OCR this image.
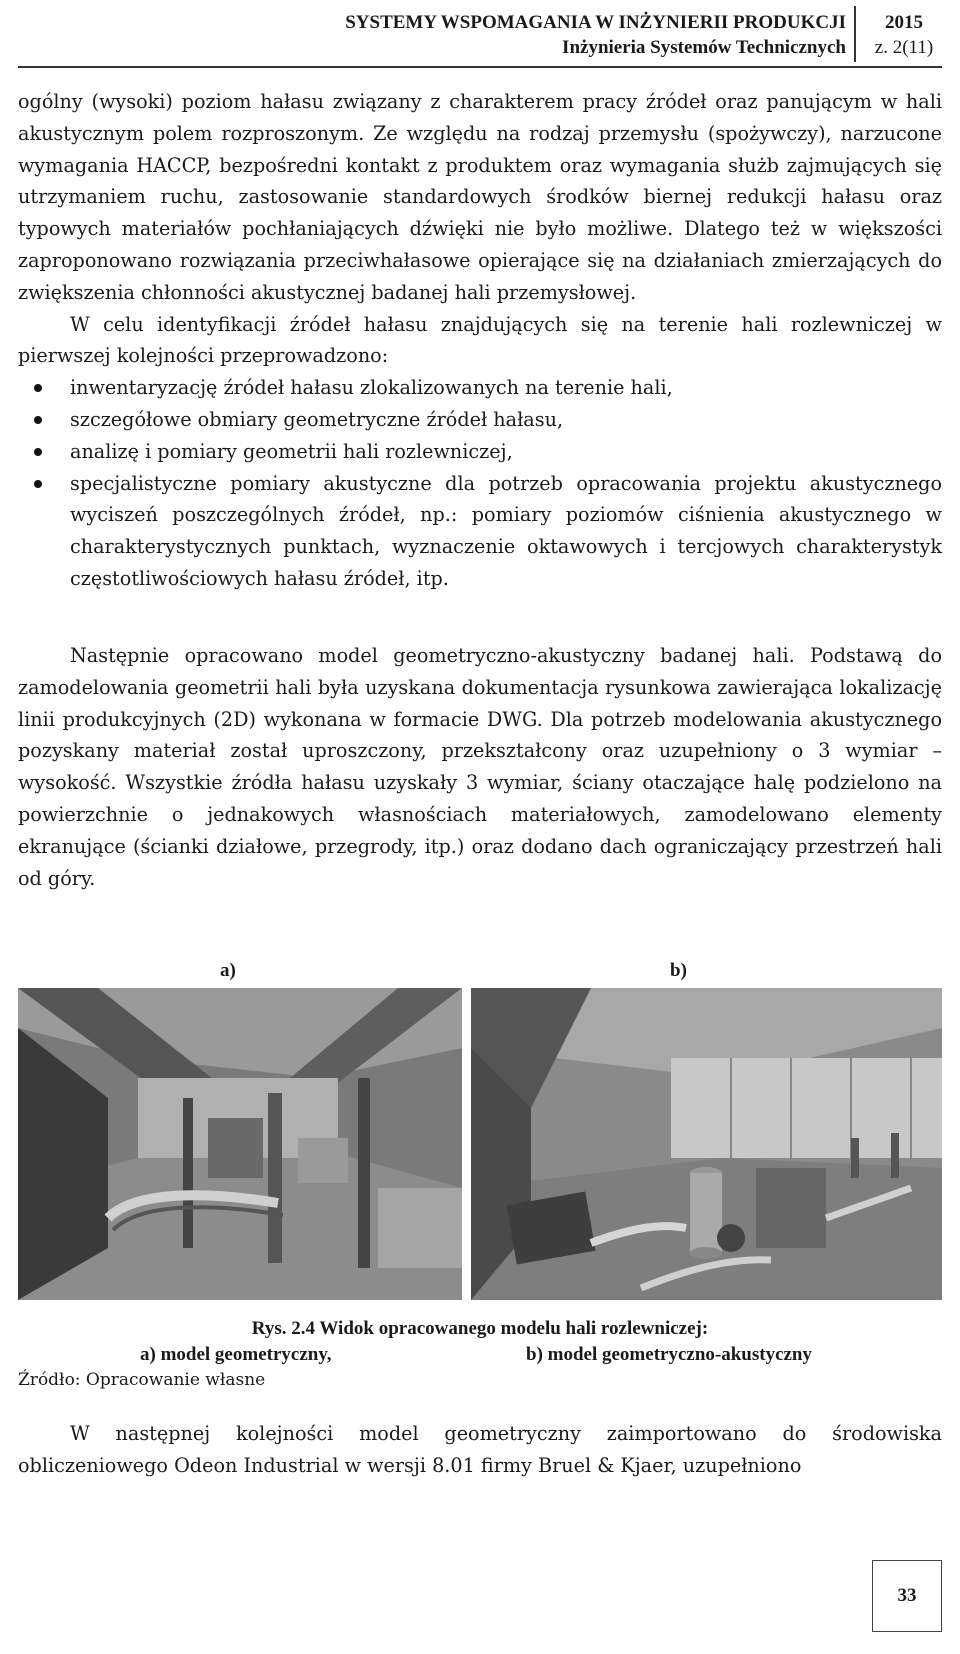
SYSTEMY WSPOMAGANIA W INŻYNIERII PRODUKCJI
Inżynieria Systemów Technicznych
2015
z. 2(11)

ogólny (wysoki) poziom hałasu związany z charakterem pracy źródeł oraz panującym w hali akustycznym polem rozproszonym. Ze względu na rodzaj przemysłu (spożywczy), narzucone wymagania HACCP, bezpośredni kontakt z produktem oraz wymagania służb zajmujących się utrzymaniem ruchu, zastosowanie standardowych środków biernej redukcji hałasu oraz typowych materiałów pochłaniających dźwięki nie było możliwe. Dlatego też w większości zaproponowano rozwiązania przeciwhałasowe opierające się na działaniach zmierzających do zwiększenia chłonności akustycznej badanej hali przemysłowej.

W celu identyfikacji źródeł hałasu znajdujących się na terenie hali rozlewniczej w pierwszej kolejności przeprowadzono:

inwentaryzację źródeł hałasu zlokalizowanych na terenie hali,
szczegółowe obmiary geometryczne źródeł hałasu,
analizę i pomiary geometrii hali rozlewniczej,
specjalistyczne pomiary akustyczne dla potrzeb opracowania projektu akustycznego wyciszeń poszczególnych źródeł, np.: pomiary poziomów ciśnienia akustycznego w charakterystycznych punktach, wyznaczenie oktawowych i tercjowych charakterystyk częstotliwościowych hałasu źródeł, itp.

Następnie opracowano model geometryczno-akustyczny badanej hali. Podstawą do zamodelowania geometrii hali była uzyskana dokumentacja rysunkowa zawierająca lokalizację linii produkcyjnych (2D) wykonana w formacie DWG. Dla potrzeb modelowania akustycznego pozyskany materiał został uproszczony, przekształcony oraz uzupełniony o 3 wymiar – wysokość. Wszystkie źródła hałasu uzyskały 3 wymiar, ściany otaczające halę podzielono na powierzchnie o jednakowych własnościach materiałowych, zamodelowano elementy ekranujące (ścianki działowe, przegrody, itp.) oraz dodano dach ograniczający przestrzeń hali od góry.

a)	b)
Rys. 2.4 Widok opracowanego modelu hali rozlewniczej:
a) model geometryczny,	b) model geometryczno-akustyczny
Źródło: Opracowanie własne

W następnej kolejności model geometryczny zaimportowano do środowiska obliczeniowego Odeon Industrial w wersji 8.01 firmy Bruel & Kjaer, uzupełniono

33
